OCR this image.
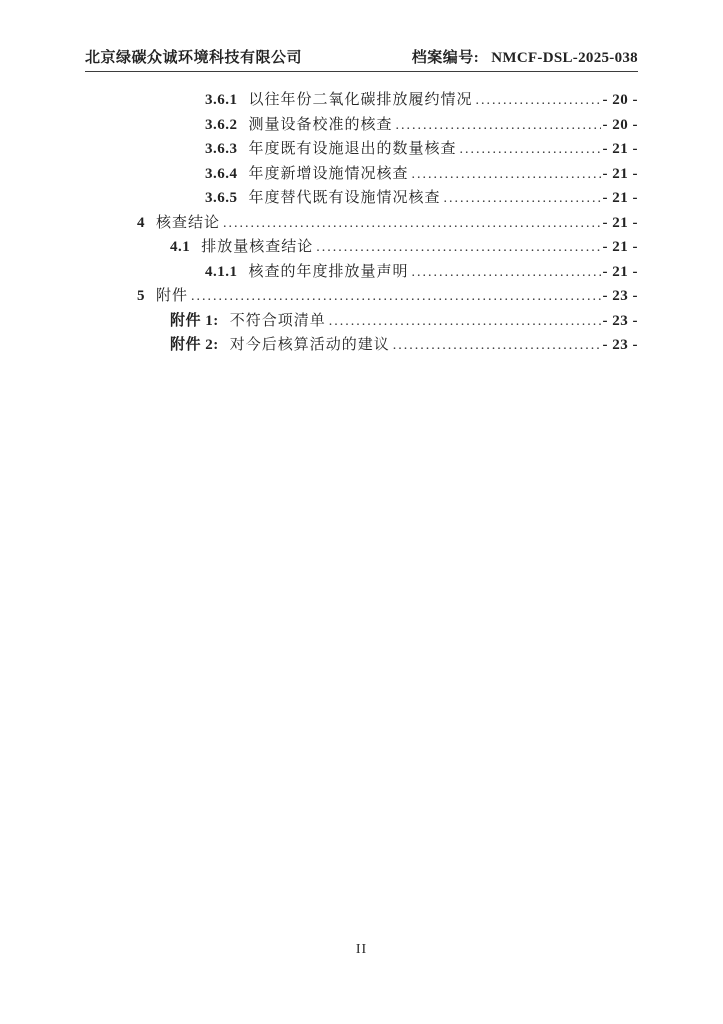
北京绿碳众诚环境科技有限公司	档案编号: NMCF-DSL-2025-038
3.6.1 以往年份二氧化碳排放履约情况 .....	- 20 -
3.6.2 测量设备校准的核查 .....	- 20 -
3.6.3 年度既有设施退出的数量核查 .....	- 21 -
3.6.4 年度新增设施情况核查 .....	- 21 -
3.6.5 年度替代既有设施情况核查 .....	- 21 -
4 核查结论 .....	- 21 -
4.1 排放量核查结论 .....	- 21 -
4.1.1 核查的年度排放量声明 .....	- 21 -
5 附件 .....	- 23 -
附件 1: 不符合项清单 .....	- 23 -
附件 2: 对今后核算活动的建议 .....	- 23 -
II
